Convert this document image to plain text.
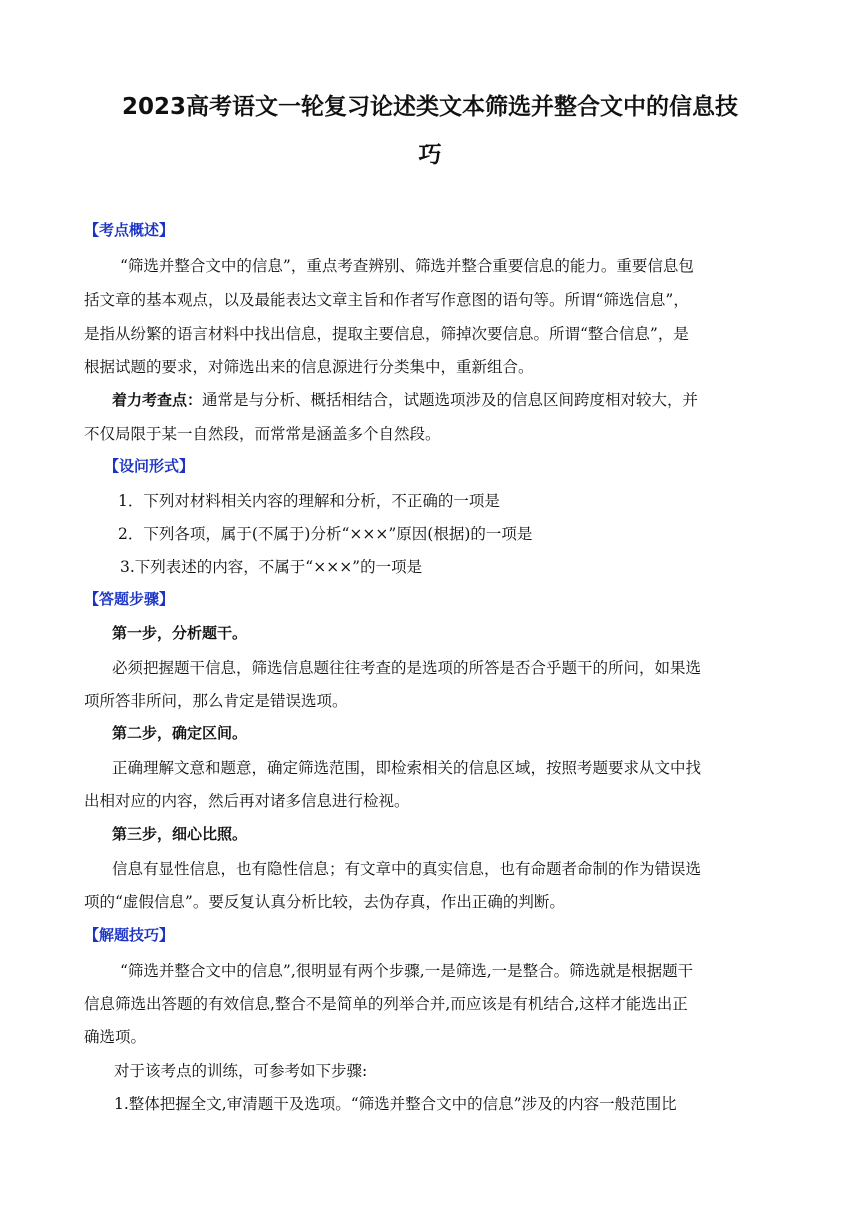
2023高考语文一轮复习论述类文本筛选并整合文中的信息技
巧
【考点概述】
“筛选并整合文中的信息”，重点考查辨别、筛选并整合重要信息的能力。重要信息包
括文章的基本观点，以及最能表达文章主旨和作者写作意图的语句等。所谓“筛选信息”，
是指从纷繁的语言材料中找出信息，提取主要信息，筛掉次要信息。所谓“整合信息”，是
根据试题的要求，对筛选出来的信息源进行分类集中，重新组合。
着力考查点：通常是与分析、概括相结合，试题选项涉及的信息区间跨度相对较大，并
不仅局限于某一自然段，而常常是涵盖多个自然段。
【设问形式】
1．下列对材料相关内容的理解和分析，不正确的一项是
2．下列各项，属于(不属于)分析“×××”原因(根据)的一项是
3.下列表述的内容，不属于“×××”的一项是
【答题步骤】
第一步，分析题干。
必须把握题干信息，筛选信息题往往考查的是选项的所答是否合乎题干的所问，如果选
项所答非所问，那么肯定是错误选项。
第二步，确定区间。
正确理解文意和题意，确定筛选范围，即检索相关的信息区域，按照考题要求从文中找
出相对应的内容，然后再对诸多信息进行检视。
第三步，细心比照。
信息有显性信息，也有隐性信息；有文章中的真实信息，也有命题者命制的作为错误选
项的“虚假信息”。要反复认真分析比较，去伪存真，作出正确的判断。
【解题技巧】
“筛选并整合文中的信息”,很明显有两个步骤,一是筛选,一是整合。筛选就是根据题干
信息筛选出答题的有效信息,整合不是简单的列举合并,而应该是有机结合,这样才能选出正
确选项。
对于该考点的训练，可参考如下步骤:
1.整体把握全文,审清题干及选项。“筛选并整合文中的信息”涉及的内容一般范围比
